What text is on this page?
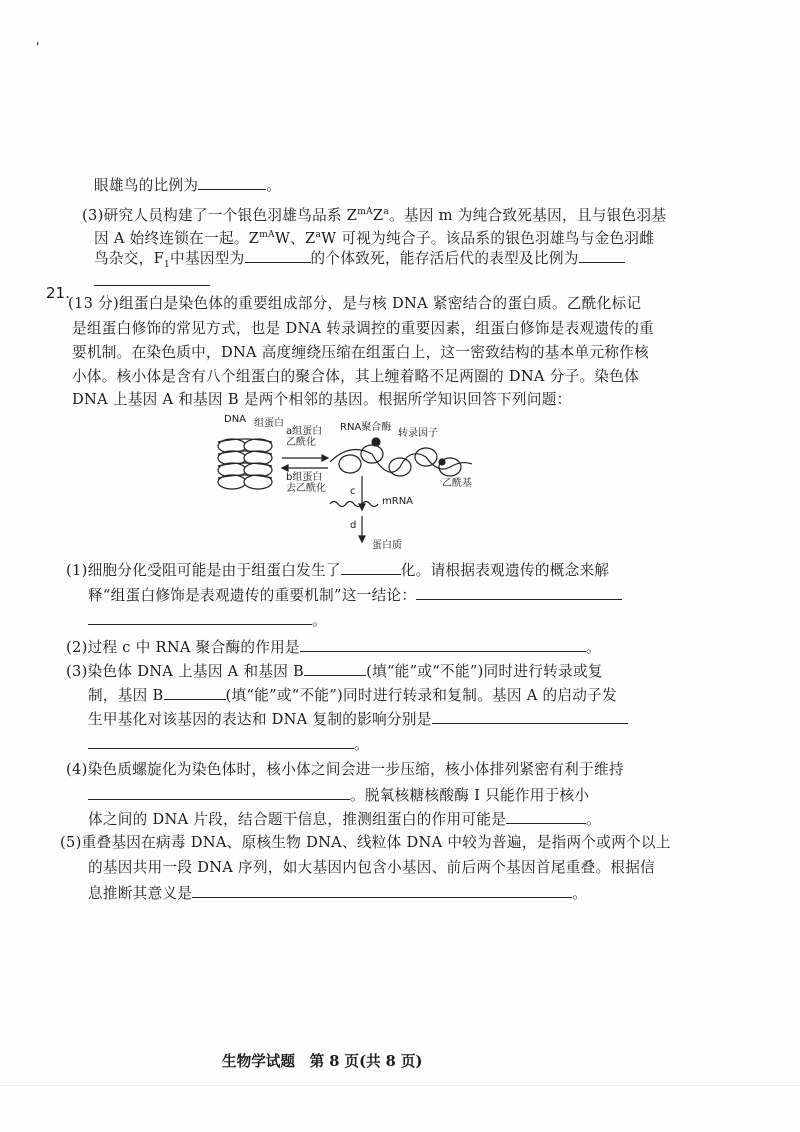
'
眼雄鸟的比例为	。
(3)研究人员构建了一个银色羽雄鸟品系 $Z^{mA}Z^a$。基因 m 为纯合致死基因，且与银色羽基
因 A 始终连锁在一起。$Z^{mA}W$、$Z^aW$ 可视为纯合子。该品系的银色羽雄鸟与金色羽雌
鸟杂交，$F_1$中基因型为	的个体致死，能存活后代的表型及比例为
21.
(13 分)组蛋白是染色体的重要组成部分，是与核 DNA 紧密结合的蛋白质。乙酰化标记
是组蛋白修饰的常见方式，也是 DNA 转录调控的重要因素，组蛋白修饰是表观遗传的重
要机制。在染色质中，DNA 高度缠绕压缩在组蛋白上，这一密致结构的基本单元称作核
小体。核小体是含有八个组蛋白的聚合体，其上缠着略不足两圈的 DNA 分子。染色体
DNA 上基因 A 和基因 B 是两个相邻的基因。根据所学知识回答下列问题：
DNA 组蛋白
a组蛋白
乙酰化
b组蛋白
去乙酰化
RNA聚合酶
转录因子
乙酰基
c
mRNA
d
蛋白质
(1)细胞分化受阻可能是由于组蛋白发生了	化。请根据表观遗传的概念来解
释“组蛋白修饰是表观遗传的重要机制”这一结论：
。
(2)过程 c 中 RNA 聚合酶的作用是	。
(3)染色体 DNA 上基因 A 和基因 B	(填“能”或“不能”)同时进行转录或复
制，基因 B	(填“能”或“不能”)同时进行转录和复制。基因 A 的启动子发
生甲基化对该基因的表达和 DNA 复制的影响分别是
。
(4)染色质螺旋化为染色体时，核小体之间会进一步压缩，核小体排列紧密有利于维持
。脱氧核糖核酸酶 I 只能作用于核小
体之间的 DNA 片段，结合题干信息，推测组蛋白的作用可能是	。
(5)重叠基因在病毒 DNA、原核生物 DNA、线粒体 DNA 中较为普遍，是指两个或两个以上
的基因共用一段 DNA 序列，如大基因内包含小基因、前后两个基因首尾重叠。根据信
息推断其意义是	。
生物学试题　第 8 页(共 8 页)
